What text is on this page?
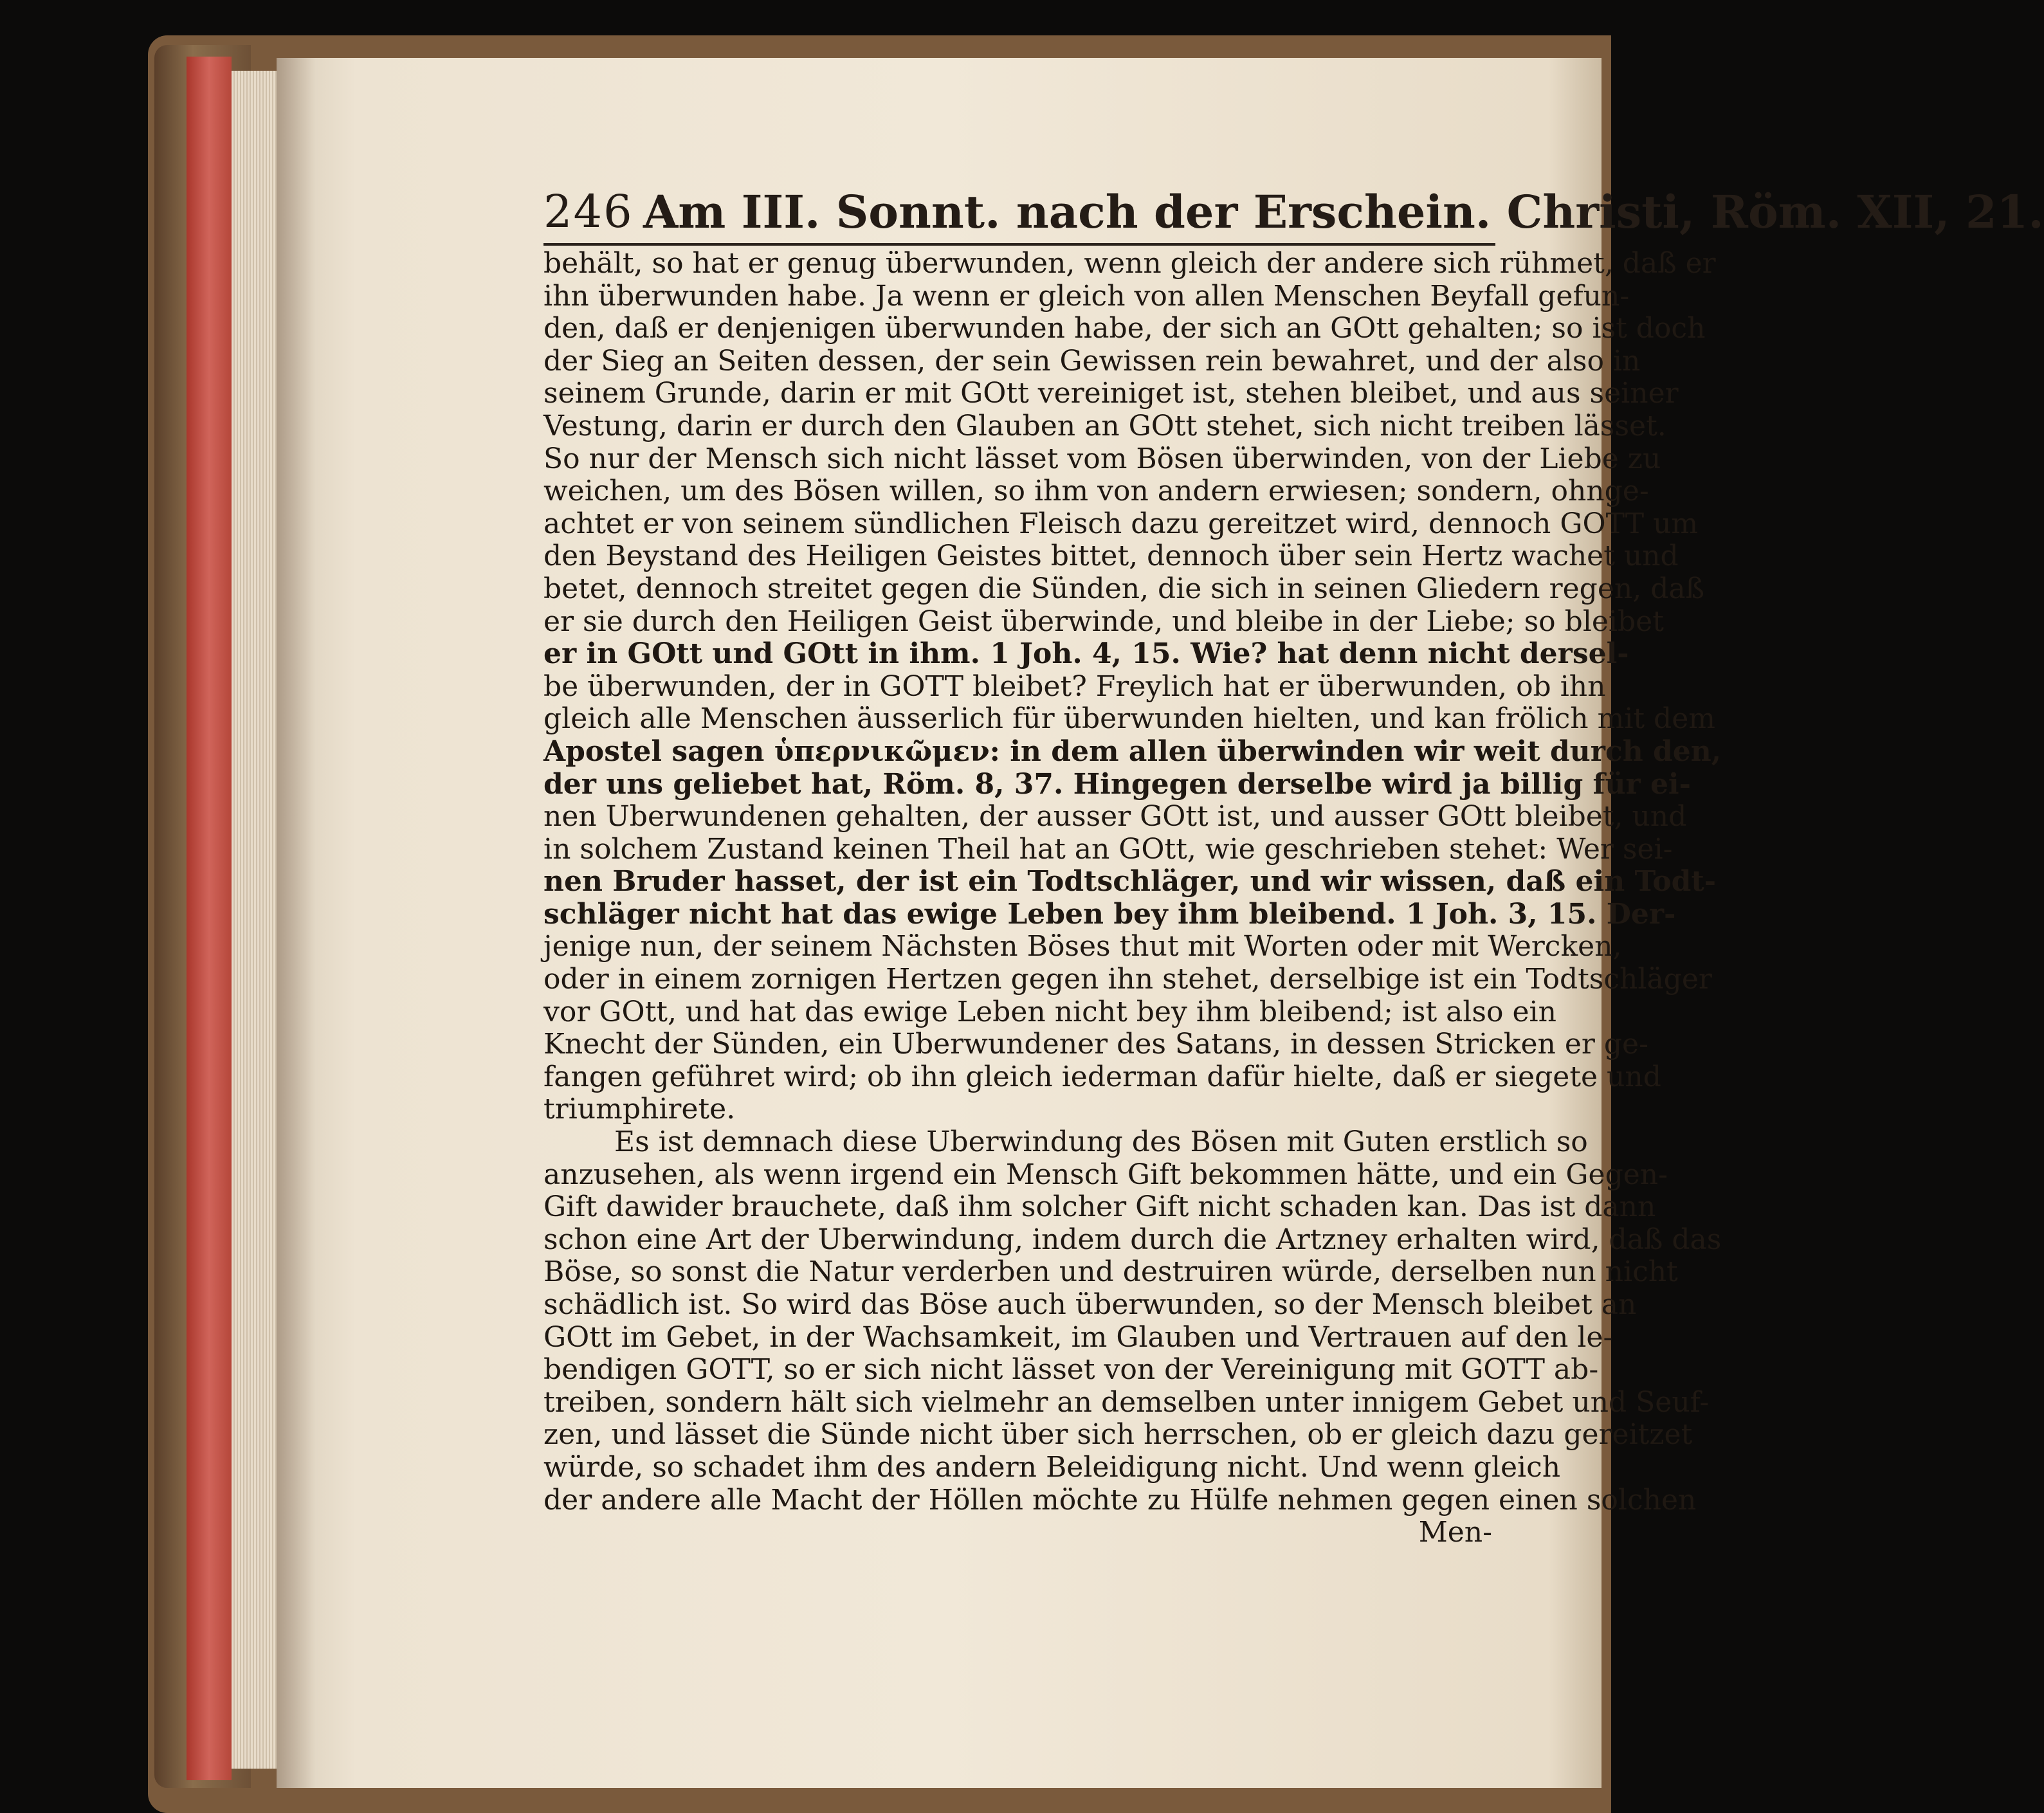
246 Am III. Sonnt. nach der Erschein. Christi, Röm. XII, 21.
behält, so hat er genug überwunden, wenn gleich der andere sich rühmet, daß er
ihn überwunden habe. Ja wenn er gleich von allen Menschen Beyfall gefun-
den, daß er denjenigen überwunden habe, der sich an GOtt gehalten; so ist doch
der Sieg an Seiten dessen, der sein Gewissen rein bewahret, und der also in
seinem Grunde, darin er mit GOtt vereiniget ist, stehen bleibet, und aus seiner
Vestung, darin er durch den Glauben an GOtt stehet, sich nicht treiben lässet.
So nur der Mensch sich nicht lässet vom Bösen überwinden, von der Liebe zu
weichen, um des Bösen willen, so ihm von andern erwiesen; sondern, ohnge-
achtet er von seinem sündlichen Fleisch dazu gereitzet wird, dennoch GOTT um
den Beystand des Heiligen Geistes bittet, dennoch über sein Hertz wachet und
betet, dennoch streitet gegen die Sünden, die sich in seinen Gliedern regen, daß
er sie durch den Heiligen Geist überwinde, und bleibe in der Liebe; so bleibet
er in GOtt und GOtt in ihm. 1 Joh. 4, 15. Wie? hat denn nicht dersel-
be überwunden, der in GOTT bleibet? Freylich hat er überwunden, ob ihn
gleich alle Menschen äusserlich für überwunden hielten, und kan frölich mit dem
Apostel sagen ὑπερνικῶμεν: in dem allen überwinden wir weit durch den,
der uns geliebet hat, Röm. 8, 37. Hingegen derselbe wird ja billig für ei-
nen Uberwundenen gehalten, der ausser GOtt ist, und ausser GOtt bleibet, und
in solchem Zustand keinen Theil hat an GOtt, wie geschrieben stehet: Wer sei-
nen Bruder hasset, der ist ein Todtschläger, und wir wissen, daß ein Todt-
schläger nicht hat das ewige Leben bey ihm bleibend. 1 Joh. 3, 15. Der-
jenige nun, der seinem Nächsten Böses thut mit Worten oder mit Wercken,
oder in einem zornigen Hertzen gegen ihn stehet, derselbige ist ein Todtschläger
vor GOtt, und hat das ewige Leben nicht bey ihm bleibend; ist also ein
Knecht der Sünden, ein Uberwundener des Satans, in dessen Stricken er ge-
fangen geführet wird; ob ihn gleich iederman dafür hielte, daß er siegete und
triumphirete.
Es ist demnach diese Uberwindung des Bösen mit Guten erstlich so
anzusehen, als wenn irgend ein Mensch Gift bekommen hätte, und ein Gegen-
Gift dawider brauchete, daß ihm solcher Gift nicht schaden kan. Das ist dann
schon eine Art der Uberwindung, indem durch die Artzney erhalten wird, daß das
Böse, so sonst die Natur verderben und destruiren würde, derselben nun nicht
schädlich ist. So wird das Böse auch überwunden, so der Mensch bleibet an
GOtt im Gebet, in der Wachsamkeit, im Glauben und Vertrauen auf den le-
bendigen GOTT, so er sich nicht lässet von der Vereinigung mit GOTT ab-
treiben, sondern hält sich vielmehr an demselben unter innigem Gebet und Seuf-
zen, und lässet die Sünde nicht über sich herrschen, ob er gleich dazu gereitzet
würde, so schadet ihm des andern Beleidigung nicht. Und wenn gleich
der andere alle Macht der Höllen möchte zu Hülfe nehmen gegen einen solchen
Men-
